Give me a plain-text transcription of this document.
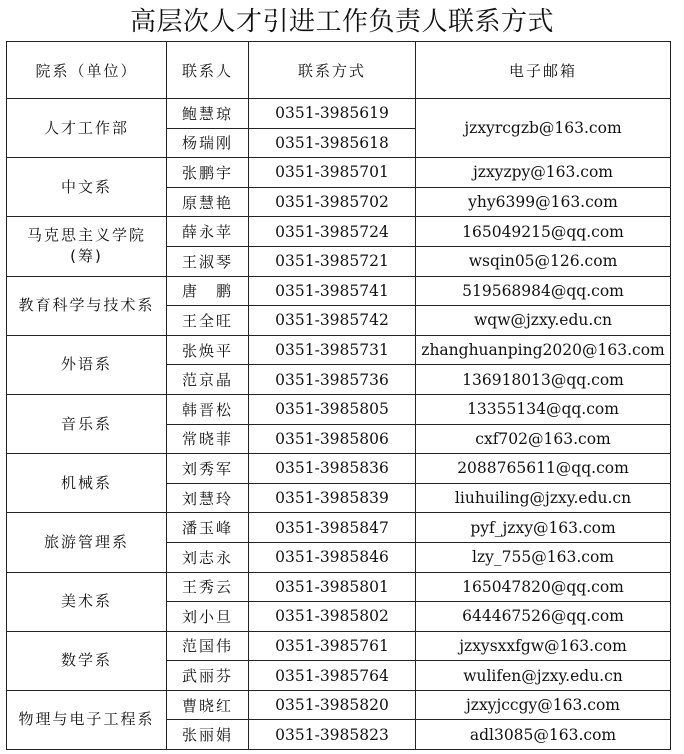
高层次人才引进工作负责人联系方式
院系（单位）	联系人	联系方式	电子邮箱
人才工作部	鲍慧琼	0351-3985619	jzxyrcgzb@163.com
	杨瑞刚	0351-3985618	
中文系	张鹏宇	0351-3985701	jzxyzpy@163.com
	原慧艳	0351-3985702	yhy6399@163.com
马克思主义学院
(筹)	薛永苹	0351-3985724	165049215@qq.com
	王淑琴	0351-3985721	wsqin05@126.com
教育科学与技术系	唐　鹏	0351-3985741	519568984@qq.com
	王全旺	0351-3985742	wqw@jzxy.edu.cn
外语系	张焕平	0351-3985731	zhanghuanping2020@163.com
	范京晶	0351-3985736	136918013@qq.com
音乐系	韩晋松	0351-3985805	13355134@qq.com
	常晓菲	0351-3985806	cxf702@163.com
机械系	刘秀军	0351-3985836	2088765611@qq.com
	刘慧玲	0351-3985839	liuhuiling@jzxy.edu.cn
旅游管理系	潘玉峰	0351-3985847	pyf_jzxy@163.com
	刘志永	0351-3985846	lzy_755@163.com
美术系	王秀云	0351-3985801	165047820@qq.com
	刘小旦	0351-3985802	644467526@qq.com
数学系	范国伟	0351-3985761	jzxysxxfgw@163.com
	武丽芬	0351-3985764	wulifen@jzxy.edu.cn
物理与电子工程系	曹晓红	0351-3985820	jzxyjccgy@163.com
	张丽娟	0351-3985823	adl3085@163.com
